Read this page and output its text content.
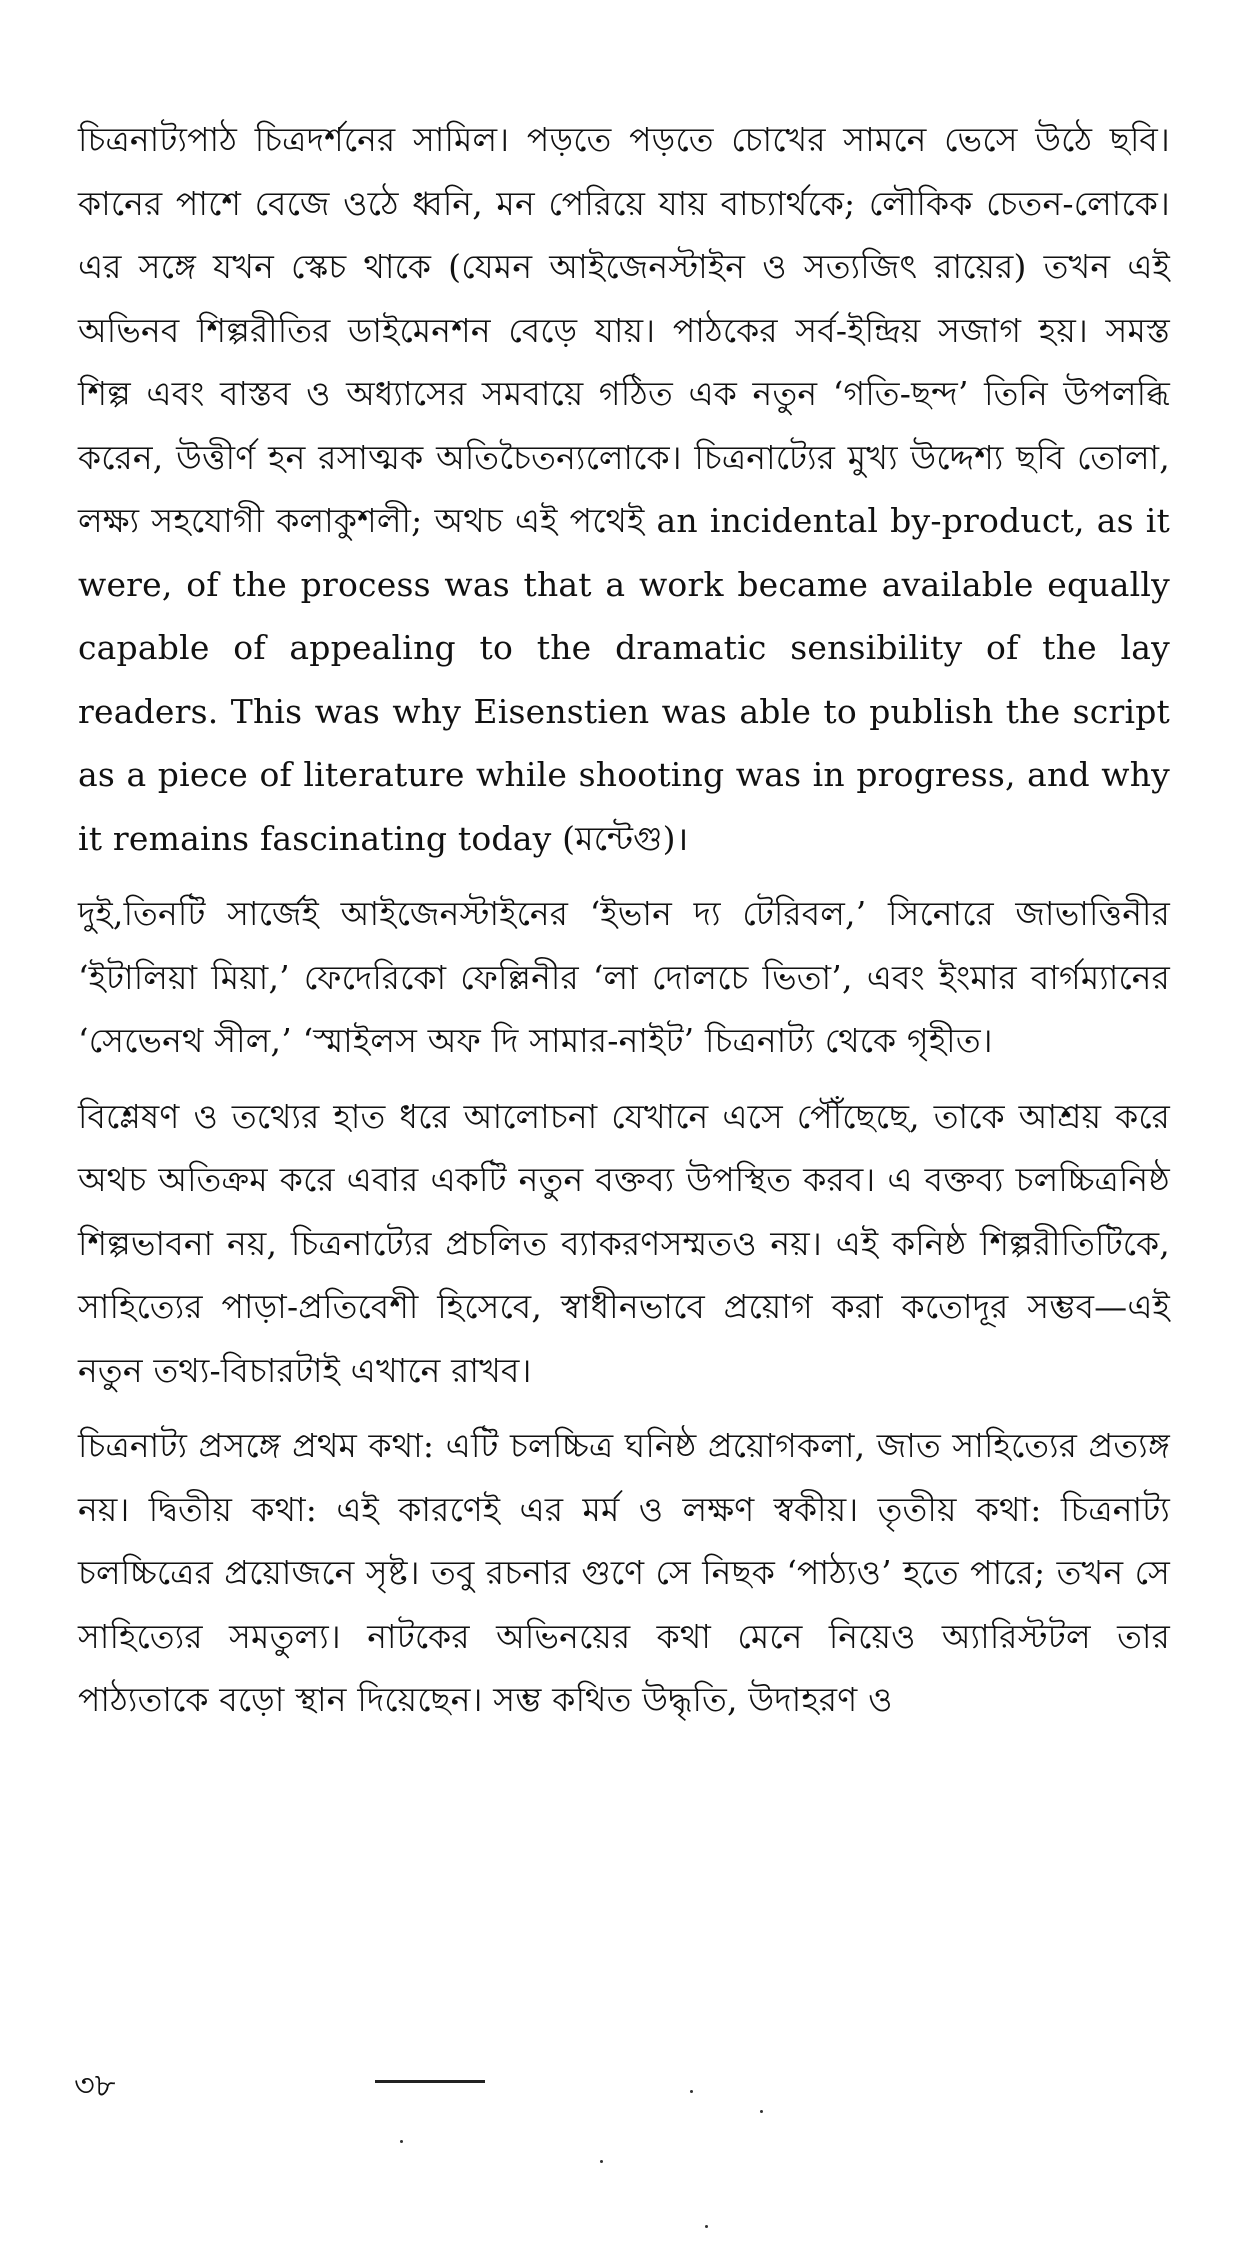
চিত্রনাট্যপাঠ চিত্রদর্শনের সামিল। পড়তে পড়তে চোখের সামনে ভেসে উঠে ছবি। কানের পাশে বেজে ওঠে ধ্বনি, মন পেরিয়ে যায় বাচ্যার্থকে; লৌকিক চেতন-লোকে। এর সঙ্গে যখন স্কেচ থাকে (যেমন আইজেনস্টাইন ও সত্যজিৎ রায়ের) তখন এই অভিনব শিল্পরীতির ডাইমেনশন বেড়ে যায়। পাঠকের সর্ব-ইন্দ্রিয় সজাগ হয়। সমস্ত শিল্প এবং বাস্তব ও অধ্যাসের সমবায়ে গঠিত এক নতুন ‘গতি-ছন্দ’ তিনি উপলব্ধি করেন, উত্তীর্ণ হন রসাত্মক অতিচৈতন্যলোকে। চিত্রনাট্যের মুখ্য উদ্দেশ্য ছবি তোলা, লক্ষ্য সহযোগী কলাকুশলী; অথচ এই পথেই an incidental by-product, as it were, of the process was that a work became available equally capable of appealing to the dramatic sensibility of the lay readers. This was why Eisenstien was able to publish the script as a piece of literature while shooting was in progress, and why it remains fascinating today (মন্টেগু)।

দুই,তিনটি সার্জেই আইজেনস্টাইনের ‘ইভান দ্য টেরিবল,’ সিনোরে জাভাত্তিনীর ‘ইটালিয়া মিয়া,’ ফেদেরিকো ফেল্লিনীর ‘লা দোলচে ভিতা’, এবং ইংমার বার্গম্যানের ‘সেভেনথ সীল,’ ‘স্মাইলস অফ দি সামার-নাইট’ চিত্রনাট্য থেকে গৃহীত।

বিশ্লেষণ ও তথ্যের হাত ধরে আলোচনা যেখানে এসে পৌঁছেছে, তাকে আশ্রয় করে অথচ অতিক্রম করে এবার একটি নতুন বক্তব্য উপস্থিত করব। এ বক্তব্য চলচ্চিত্রনিষ্ঠ শিল্পভাবনা নয়, চিত্রনাট্যের প্রচলিত ব্যাকরণসম্মতও নয়। এই কনিষ্ঠ শিল্পরীতিটিকে, সাহিত্যের পাড়া-প্রতিবেশী হিসেবে, স্বাধীনভাবে প্রয়োগ করা কতোদূর সম্ভব—এই নতুন তথ্য-বিচারটাই এখানে রাখব।

চিত্রনাট্য প্রসঙ্গে প্রথম কথা: এটি চলচ্চিত্র ঘনিষ্ঠ প্রয়োগকলা, জাত সাহিত্যের প্রত্যঙ্গ নয়। দ্বিতীয় কথা: এই কারণেই এর মর্ম ও লক্ষণ স্বকীয়। তৃতীয় কথা: চিত্রনাট্য চলচ্চিত্রের প্রয়োজনে সৃষ্ট। তবু রচনার গুণে সে নিছক ‘পাঠ্যও’ হতে পারে; তখন সে সাহিত্যের সমতুল্য। নাটকের অভিনয়ের কথা মেনে নিয়েও অ্যারিস্টটল তার পাঠ্যতাকে বড়ো স্থান দিয়েছেন। সম্ভ কথিত উদ্ধৃতি, উদাহরণ ও

৩৮
